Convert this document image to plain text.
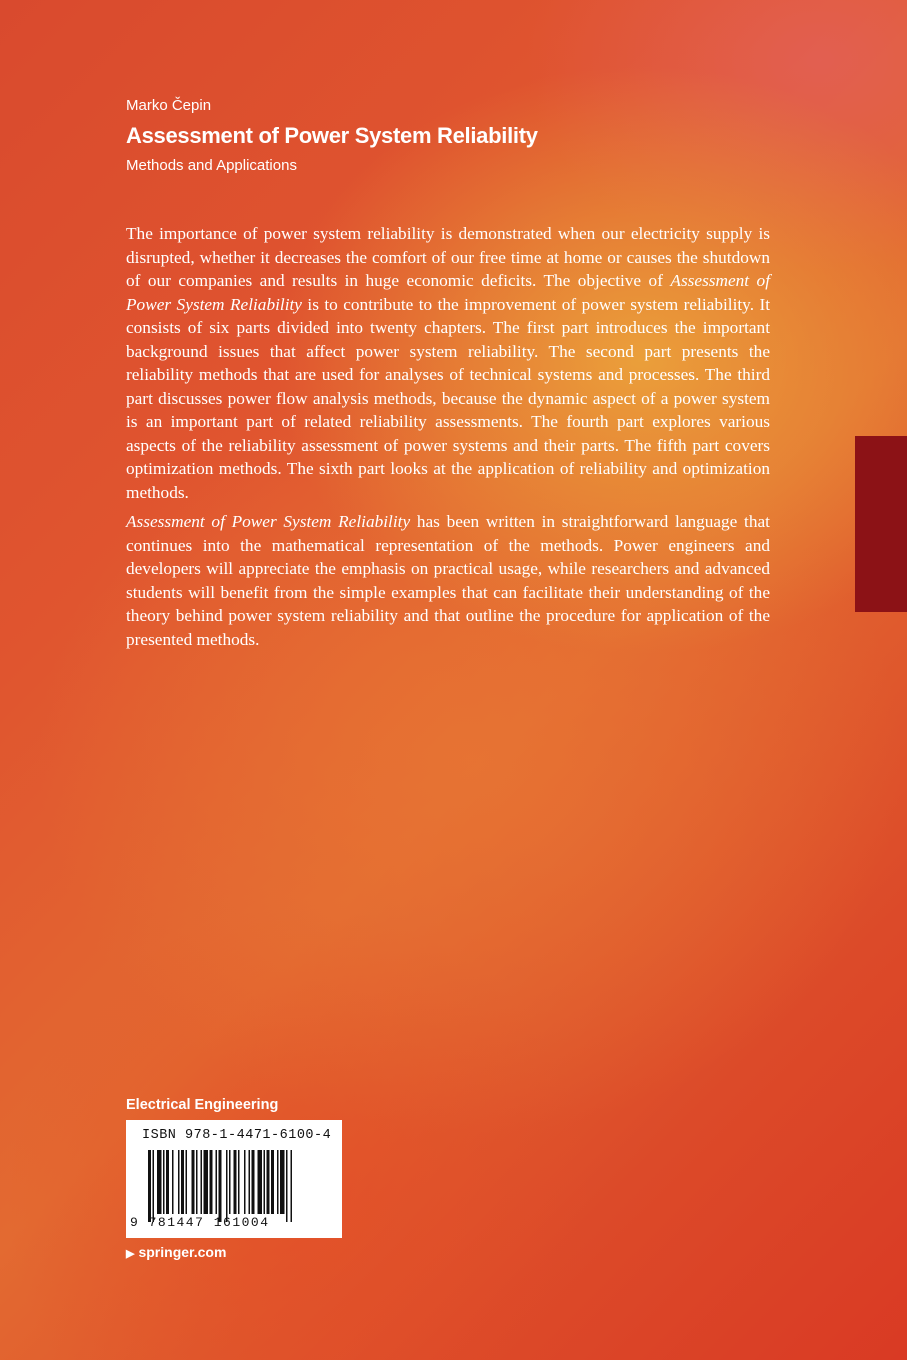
Marko Čepin
Assessment of Power System Reliability
Methods and Applications

The importance of power system reliability is demonstrated when our electricity supply is disrupted, whether it decreases the comfort of our free time at home or causes the shutdown of our companies and results in huge economic deficits. The objective of Assessment of Power System Reliability is to contribute to the improvement of power system reliability. It consists of six parts divided into twenty chapters. The first part introduces the important background issues that affect power system reliability. The second part presents the reliability methods that are used for analyses of technical systems and processes. The third part discusses power flow analysis methods, because the dynamic aspect of a power system is an important part of related reliability assessments. The fourth part explores various aspects of the reliability assessment of power systems and their parts. The fifth part covers optimization methods. The sixth part looks at the application of reliability and optimization methods.

Assessment of Power System Reliability has been written in straightforward language that continues into the mathematical representation of the methods. Power engineers and developers will appreciate the emphasis on practical usage, while researchers and advanced students will benefit from the simple examples that can facilitate their understanding of the theory behind power system reliability and that outline the procedure for application of the presented methods.

Electrical Engineering
ISBN 978-1-4471-6100-4
9 781447 161004
▶ springer.com
